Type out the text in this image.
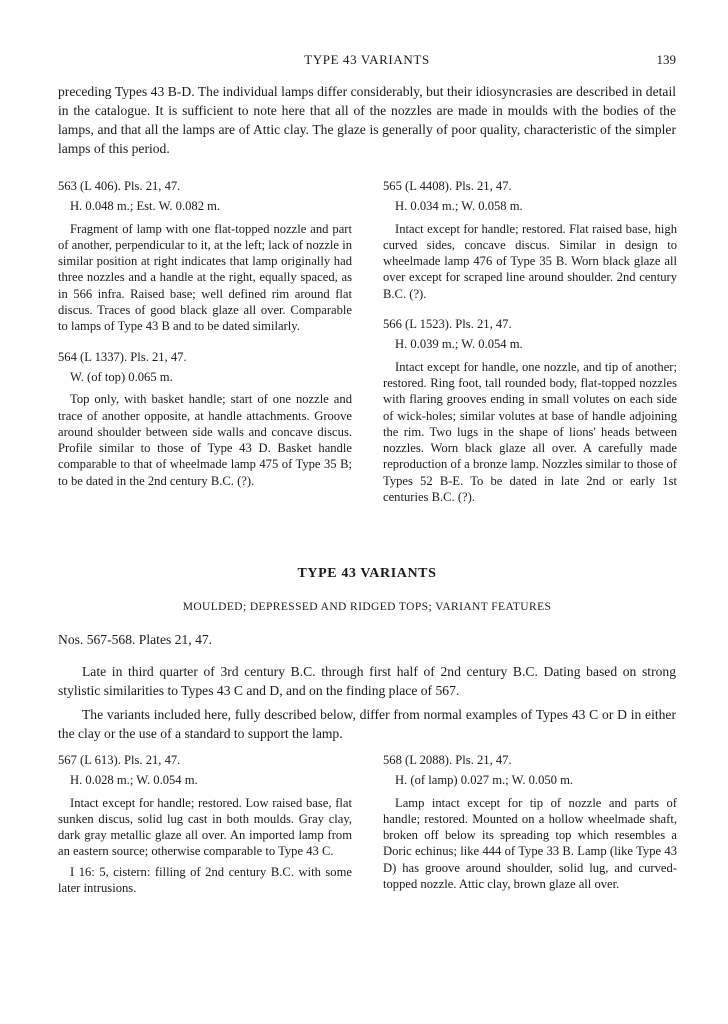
TYPE 43 VARIANTS	139

preceding Types 43 B-D. The individual lamps differ considerably, but their idiosyncrasies are described in detail in the catalogue. It is sufficient to note here that all of the nozzles are made in moulds with the bodies of the lamps, and that all the lamps are of Attic clay. The glaze is generally of poor quality, characteristic of the simpler lamps of this period.

563 (L 406). Pls. 21, 47.

H. 0.048 m.; Est. W. 0.082 m.

Fragment of lamp with one flat-topped nozzle and part of another, perpendicular to it, at the left; lack of nozzle in similar position at right indicates that lamp originally had three nozzles and a handle at the right, equally spaced, as in 566 infra. Raised base; well defined rim around flat discus. Traces of good black glaze all over. Comparable to lamps of Type 43 B and to be dated similarly.

564 (L 1337). Pls. 21, 47.

W. (of top) 0.065 m.

Top only, with basket handle; start of one nozzle and trace of another opposite, at handle attachments. Groove around shoulder between side walls and concave discus. Profile similar to those of Type 43 D. Basket handle comparable to that of wheelmade lamp 475 of Type 35 B; to be dated in the 2nd century B.C. (?).

565 (L 4408). Pls. 21, 47.

H. 0.034 m.; W. 0.058 m.

Intact except for handle; restored. Flat raised base, high curved sides, concave discus. Similar in design to wheelmade lamp 476 of Type 35 B. Worn black glaze all over except for scraped line around shoulder. 2nd century B.C. (?).

566 (L 1523). Pls. 21, 47.

H. 0.039 m.; W. 0.054 m.

Intact except for handle, one nozzle, and tip of another; restored. Ring foot, tall rounded body, flat-topped nozzles with flaring grooves ending in small volutes on each side of wick-holes; similar volutes at base of handle adjoining the rim. Two lugs in the shape of lions' heads between nozzles. Worn black glaze all over. A carefully made reproduction of a bronze lamp. Nozzles similar to those of Types 52 B-E. To be dated in late 2nd or early 1st centuries B.C. (?).

TYPE 43 VARIANTS

MOULDED; DEPRESSED AND RIDGED TOPS; VARIANT FEATURES

Nos. 567-568. Plates 21, 47.

Late in third quarter of 3rd century B.C. through first half of 2nd century B.C. Dating based on strong stylistic similarities to Types 43 C and D, and on the finding place of 567.

The variants included here, fully described below, differ from normal examples of Types 43 C or D in either the clay or the use of a standard to support the lamp.

567 (L 613). Pls. 21, 47.

H. 0.028 m.; W. 0.054 m.

Intact except for handle; restored. Low raised base, flat sunken discus, solid lug cast in both moulds. Gray clay, dark gray metallic glaze all over. An imported lamp from an eastern source; otherwise comparable to Type 43 C.

I 16: 5, cistern: filling of 2nd century B.C. with some later intrusions.

568 (L 2088). Pls. 21, 47.

H. (of lamp) 0.027 m.; W. 0.050 m.

Lamp intact except for tip of nozzle and parts of handle; restored. Mounted on a hollow wheelmade shaft, broken off below its spreading top which resembles a Doric echinus; like 444 of Type 33 B. Lamp (like Type 43 D) has groove around shoulder, solid lug, and curved-topped nozzle. Attic clay, brown glaze all over.
